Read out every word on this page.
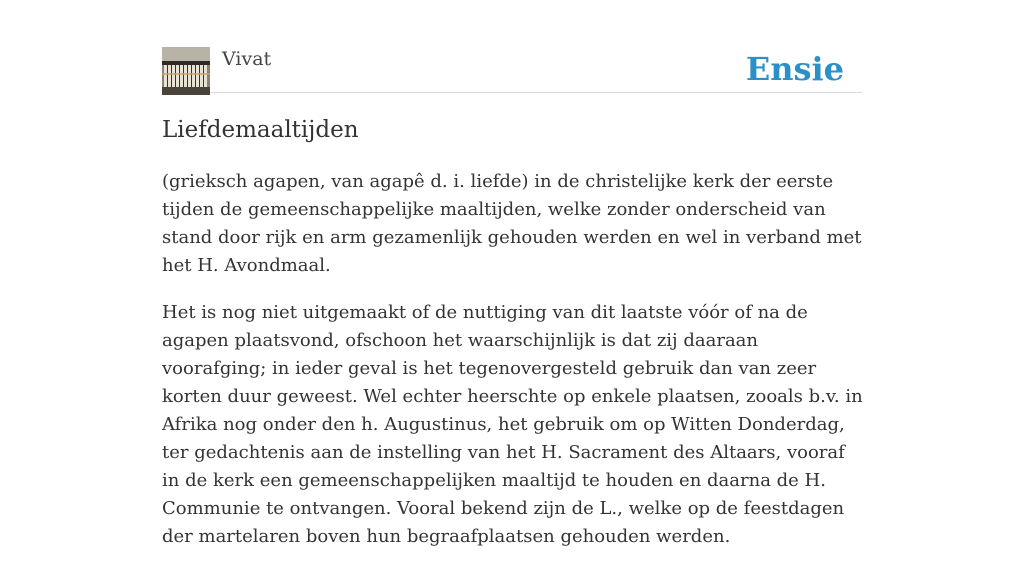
Vivat	Ensie
Liefdemaaltijden

(grieksch agapen, van agapê d. i. liefde) in de christelijke kerk der eerste tijden de gemeenschappelijke maaltijden, welke zonder onderscheid van stand door rijk en arm gezamenlijk gehouden werden en wel in verband met het H. Avondmaal.

Het is nog niet uitgemaakt of de nuttiging van dit laatste vóór of na de agapen plaatsvond, ofschoon het waarschijnlijk is dat zij daaraan voorafging; in ieder geval is het tegenovergesteld gebruik dan van zeer korten duur geweest. Wel echter heerschte op enkele plaatsen, zooals b.v. in Afrika nog onder den h. Augustinus, het gebruik om op Witten Donderdag, ter gedachtenis aan de instelling van het H. Sacrament des Altaars, vooraf in de kerk een gemeenschappelijken maaltijd te houden en daarna de H. Communie te ontvangen. Vooral bekend zijn de L., welke op de feestdagen der martelaren boven hun begraafplaatsen gehouden werden.
